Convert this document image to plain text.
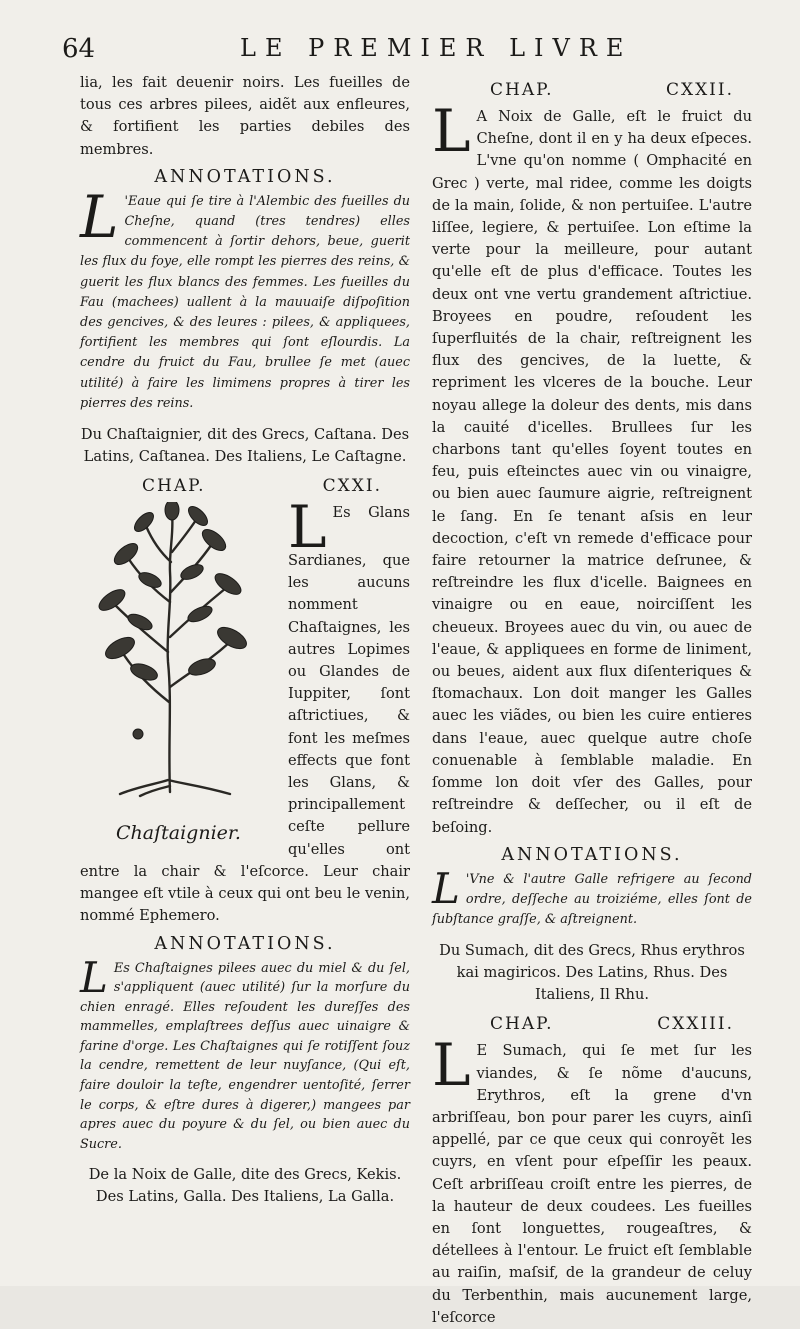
64	LE PREMIER LIVRE

lia, les fait deuenir noirs. Les fueilles de tous ces arbres pilees, aidẽt aux enfleures, & fortifient les parties debiles des membres.

ANNOTATIONS.

L 'Eaue qui ſe tire à l'Alembic des fueilles du Cheſne, quand (tres tendres) elles commencent à ſortir dehors, beue, guerit les flux du foye, elle rompt les pierres des reins, & guerit les flux blancs des femmes. Les fueilles du Fau (machees) uallent à la mauuaiſe diſpoſition des gencives, & des leures : pilees, & appliquees, fortifient les membres qui ſont eſlourdis. La cendre du fruict du Fau, brullee ſe met (auec utilité) à faire les limimens propres à tirer les pierres des reins.

Du Chaſtaignier, dit des Grecs, Caſtana. Des Latins, Caſtanea. Des Italiens, Le Caſtagne.
CHAP.	CXXI.
Chaſtaignier.

L Es Glans Sardianes, que les aucuns nomment Chaſtaignes, les autres Lopimes ou Glandes de Iuppiter, ſont aſtrictiues, & font les meſmes effects que font les Glans, & principallement ceſte pellure qu'elles ont entre la chair & l'eſcorce. Leur chair mangee eſt vtile à ceux qui ont beu le venin, nommé Ephemero.

ANNOTATIONS.

L Es Chaſtaignes pilees auec du miel & du ſel, s'appliquent (auec utilité) ſur la morſure du chien enragé. Elles reſoudent les dureſſes des mammelles, emplaſtrees deſſus auec uinaigre & farine d'orge. Les Chaſtaignes qui ſe rotiſſent ſouz la cendre, remettent de leur nuyſance, (Qui eſt, faire douloir la teſte, engendrer uentoſité, ſerrer le corps, & eſtre dures à digerer,) mangees par apres auec du poyure & du ſel, ou bien auec du Sucre.

De la Noix de Galle, dite des Grecs, Kekis. Des Latins, Galla. Des Italiens, La Galla.
CHAP.	CXXII.

L A Noix de Galle, eſt le fruict du Cheſne, dont il en y ha deux eſpeces. L'vne qu'on nomme ( Omphacité en Grec ) verte, mal ridee, comme les doigts de la main, ſolide, & non pertuiſee. L'autre liſſee, legiere, & pertuiſee. Lon eſtime la verte pour la meilleure, pour autant qu'elle eſt de plus d'efficace. Toutes les deux ont vne vertu grandement aſtrictiue. Broyees en poudre, reſoudent les ſuperfluités de la chair, reſtreignent les flux des gencives, de la luette, & repriment les vlceres de la bouche. Leur noyau allege la doleur des dents, mis dans la cauité d'icelles. Brullees ſur les charbons tant qu'elles ſoyent toutes en feu, puis eſteinctes auec vin ou vinaigre, ou bien auec ſaumure aigrie, reſtreignent le ſang. En ſe tenant aſsis en leur decoction, c'eſt vn remede d'efficace pour faire retourner la matrice deſrunee, & reſtreindre les flux d'icelle. Baignees en vinaigre ou en eaue, noirciſſent les cheueux. Broyees auec du vin, ou auec de l'eaue, & appliquees en forme de liniment, ou beues, aident aux flux diſenteriques & ſtomachaux. Lon doit manger les Galles auec les viãdes, ou bien les cuire entieres dans l'eaue, auec quelque autre choſe conuenable à ſemblable maladie. En ſomme lon doit vſer des Galles, pour reſtreindre & deſſecher, ou il eſt de beſoing.

ANNOTATIONS.

L 'Vne & l'autre Galle refrigere au ſecond ordre, deſſeche au troiziéme, elles ſont de ſubſtance graſſe, & aſtreignent.

Du Sumach, dit des Grecs, Rhus erythros kai magiricos. Des Latins, Rhus. Des Italiens, Il Rhu.
CHAP.	CXXIII.

L E Sumach, qui ſe met ſur les viandes, & ſe nõme d'aucuns, Erythros, eſt la grene d'vn arbriſſeau, bon pour parer les cuyrs, ainſi appellé, par ce que ceux qui conroyẽt les cuyrs, en vſent pour eſpeſſir les peaux. Ceſt arbriſſeau croiſt entre les pierres, de la hauteur de deux coudees. Les fueilles en ſont longuettes, rougeaſtres, & détellees à l'entour. Le fruict eſt ſemblable au raiſin, maſsif, de la grandeur de celuy du Terbenthin, mais aucunement large, l'eſcorce
